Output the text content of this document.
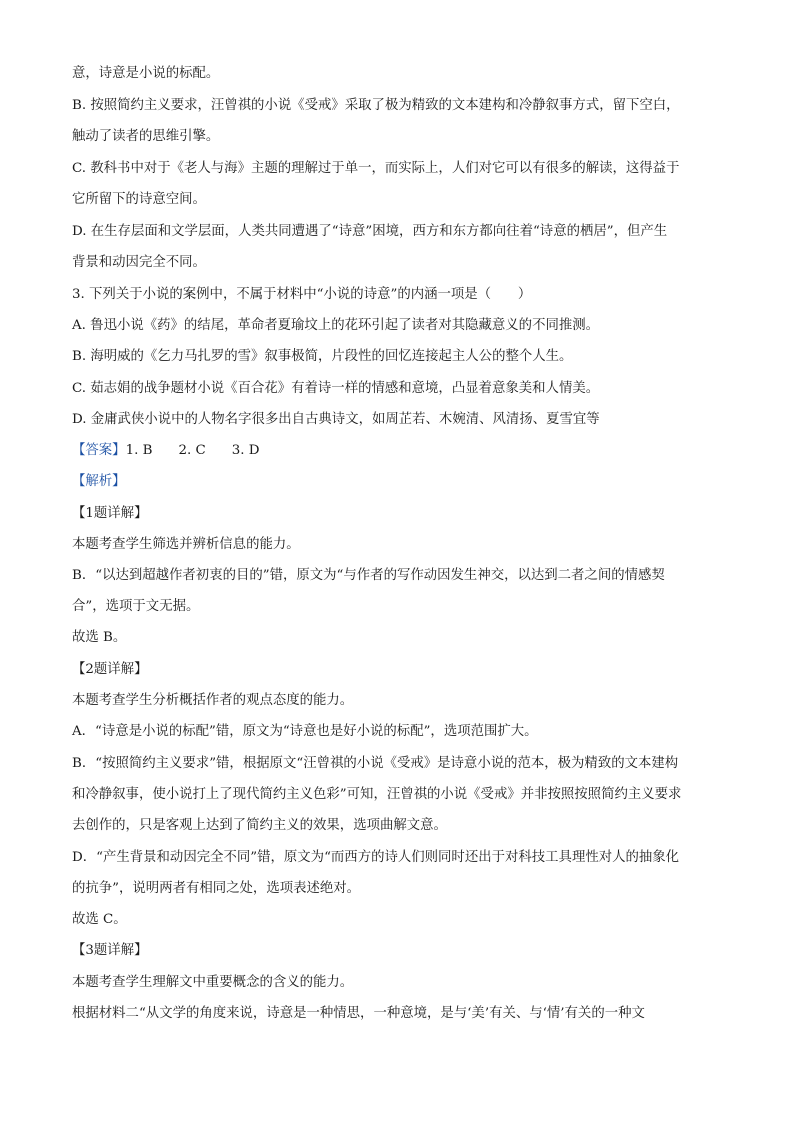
意，诗意是小说的标配。
B. 按照简约主义要求，汪曾祺的小说《受戒》采取了极为精致的文本建构和冷静叙事方式，留下空白，
触动了读者的思维引擎。
C. 教科书中对于《老人与海》主题的理解过于单一，而实际上，人们对它可以有很多的解读，这得益于
它所留下的诗意空间。
D. 在生存层面和文学层面，人类共同遭遇了“诗意”困境，西方和东方都向往着“诗意的栖居”，但产生
背景和动因完全不同。
3. 下列关于小说的案例中，不属于材料中“小说的诗意”的内涵一项是（　　）
A. 鲁迅小说《药》的结尾，革命者夏瑜坟上的花环引起了读者对其隐藏意义的不同推测。
B. 海明威的《乞力马扎罗的雪》叙事极简，片段性的回忆连接起主人公的整个人生。
C. 茹志娟的战争题材小说《百合花》有着诗一样的情感和意境，凸显着意象美和人情美。
D. 金庸武侠小说中的人物名字很多出自古典诗文，如周芷若、木婉清、风清扬、夏雪宜等
【答案】1. B 2. C 3. D
【解析】
【1题详解】
本题考查学生筛选并辨析信息的能力。
B．“以达到超越作者初衷的目的”错，原文为“与作者的写作动因发生神交，以达到二者之间的情感契
合”，选项于文无据。
故选 B。
【2题详解】
本题考查学生分析概括作者的观点态度的能力。
A．“诗意是小说的标配”错，原文为“诗意也是好小说的标配”，选项范围扩大。
B．“按照简约主义要求”错，根据原文“汪曾祺的小说《受戒》是诗意小说的范本，极为精致的文本建构
和冷静叙事，使小说打上了现代简约主义色彩”可知，汪曾祺的小说《受戒》并非按照按照简约主义要求
去创作的，只是客观上达到了简约主义的效果，选项曲解文意。
D．“产生背景和动因完全不同”错，原文为“而西方的诗人们则同时还出于对科技工具理性对人的抽象化
的抗争”，说明两者有相同之处，选项表述绝对。
故选 C。
【3题详解】
本题考查学生理解文中重要概念的含义的能力。
根据材料二“从文学的角度来说，诗意是一种情思，一种意境，是与‘美’有关、与‘情’有关的一种文
